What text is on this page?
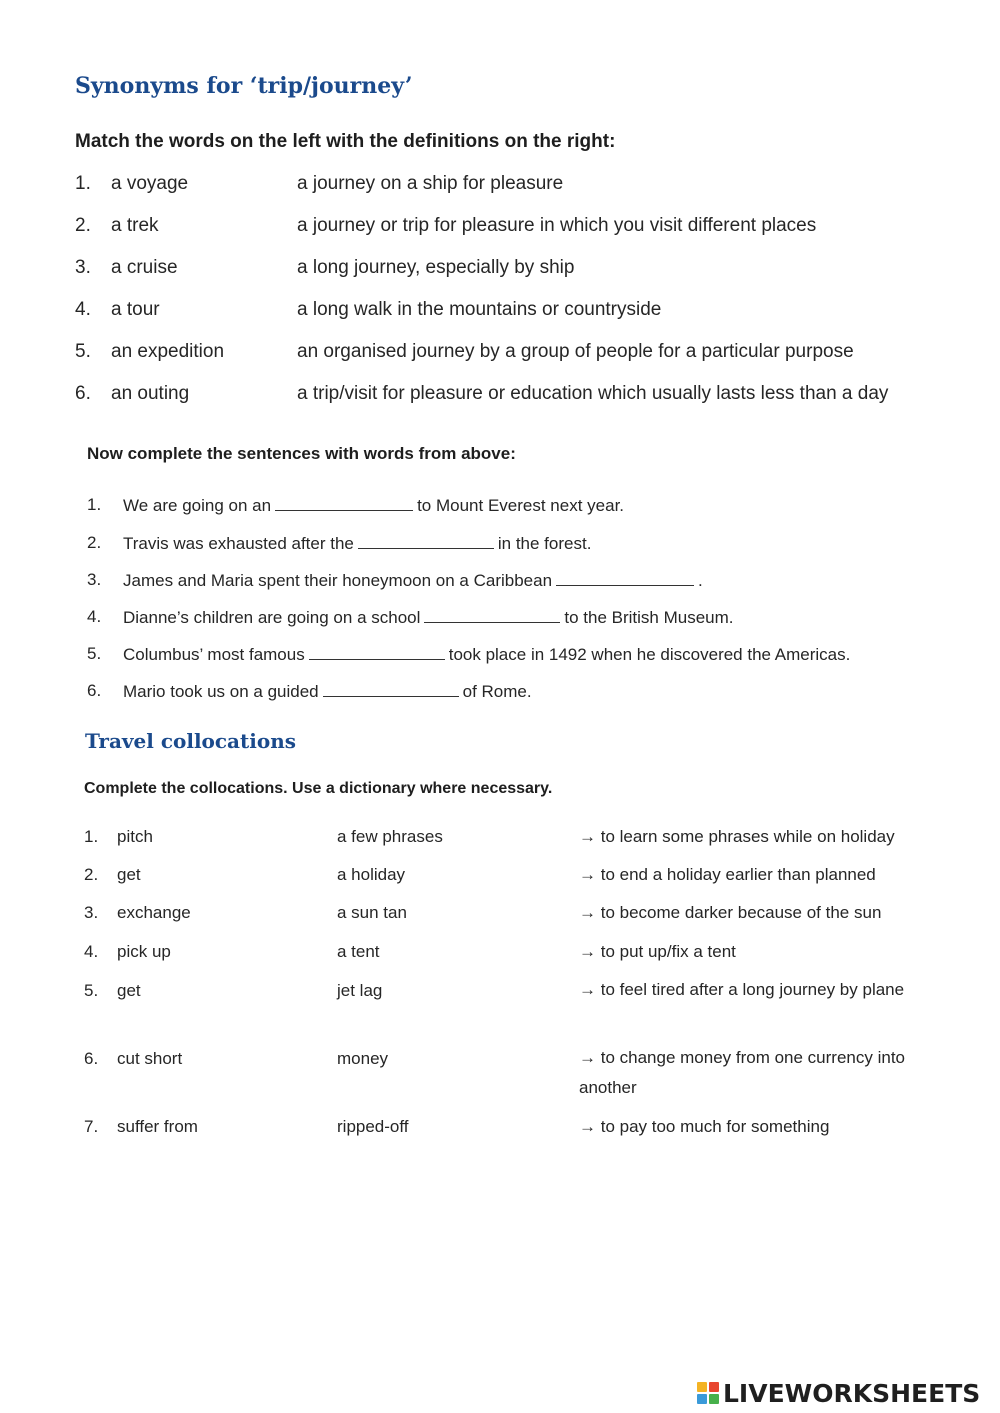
Synonyms for ‘trip/journey’

Match the words on the left with the definitions on the right:

1. a voyage	a journey on a ship for pleasure
2. a trek	a journey or trip for pleasure in which you visit different places
3. a cruise	a long journey, especially by ship
4. a tour	a long walk in the mountains or countryside
5. an expedition	an organised journey by a group of people for a particular purpose
6. an outing	a trip/visit for pleasure or education which usually lasts less than a day

Now complete the sentences with words from above:

1. We are going on an	to Mount Everest next year.
2. Travis was exhausted after the	in the forest.
3. James and Maria spent their honeymoon on a Caribbean	.
4. Dianne’s children are going on a school	to the British Museum.
5. Columbus’ most famous	took place in 1492 when he discovered the Americas.
6. Mario took us on a guided	of Rome.
Travel collocations

Complete the collocations. Use a dictionary where necessary.

1. pitch	a few phrases	→ to learn some phrases while on holiday
2. get	a holiday	→ to end a holiday earlier than planned
3. exchange	a sun tan	→ to become darker because of the sun
4. pick up	a tent	→ to put up/fix a tent
5. get	jet lag	→ to feel tired after a long journey by plane
6. cut short	money	→ to change money from one currency into another
7. suffer from	ripped-off	→ to pay too much for something
LIVEWORKSHEETS
